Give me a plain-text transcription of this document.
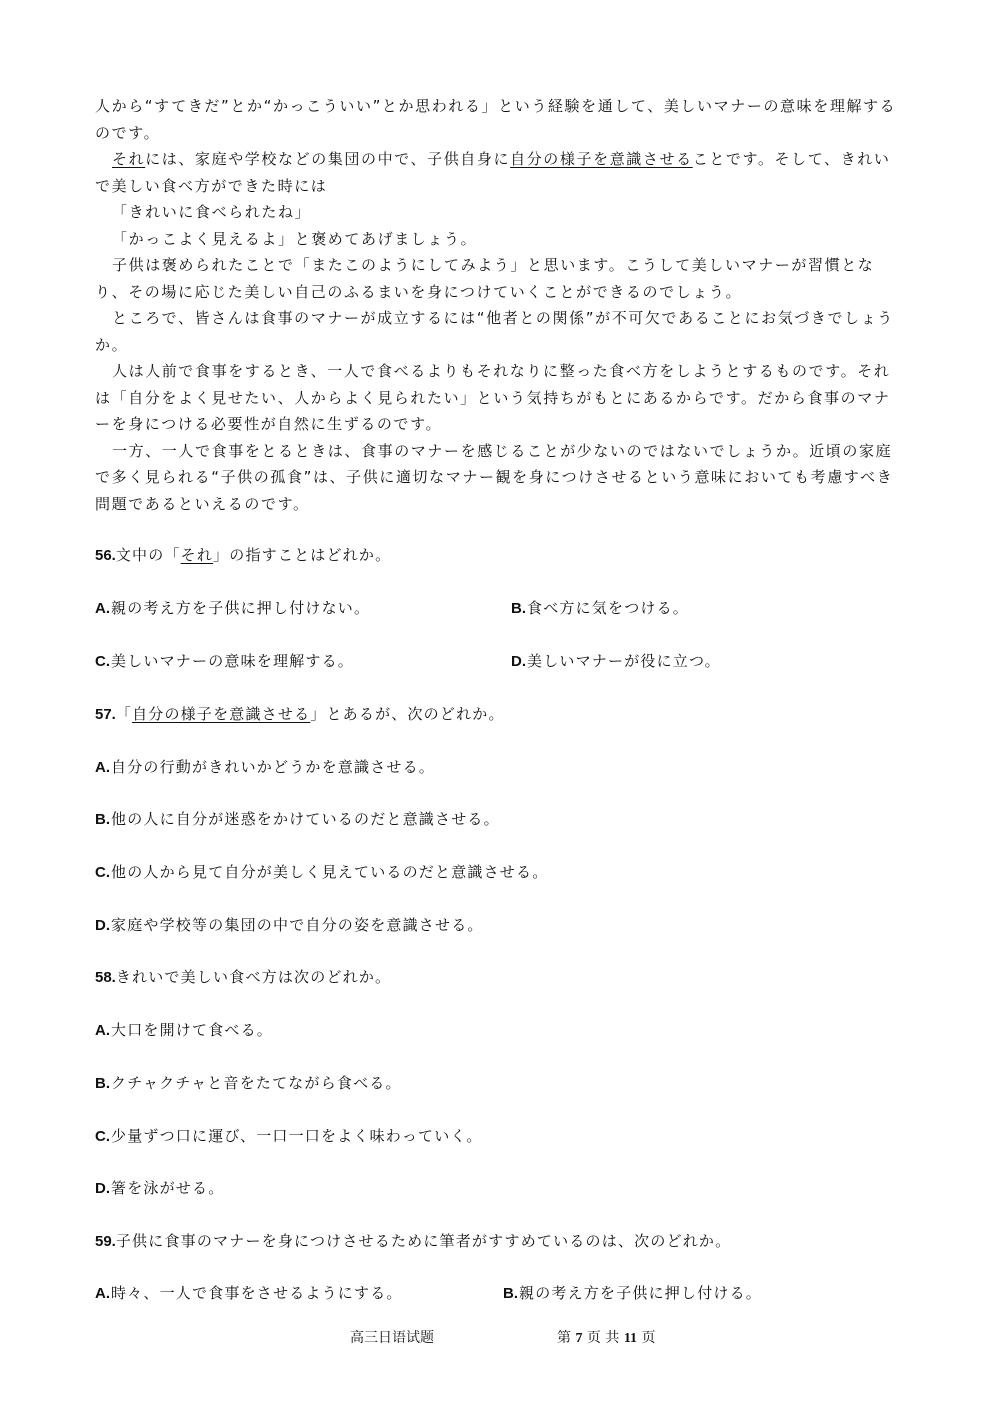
人から“すてきだ”とか“かっこういい”とか思われる」という経験を通して、美しいマナーの意味を理解するのです。

それには、家庭や学校などの集団の中で、子供自身に自分の様子を意識させることです。そして、きれいで美しい食べ方ができた時には

「きれいに食べられたね」

「かっこよく見えるよ」と褒めてあげましょう。

子供は褒められたことで「またこのようにしてみよう」と思います。こうして美しいマナーが習慣となり、その場に応じた美しい自己のふるまいを身につけていくことができるのでしょう。

ところで、皆さんは食事のマナーが成立するには“他者との関係”が不可欠であることにお気づきでしょうか。

人は人前で食事をするとき、一人で食べるよりもそれなりに整った食べ方をしようとするものです。それは「自分をよく見せたい、人からよく見られたい」という気持ちがもとにあるからです。だから食事のマナーを身につける必要性が自然に生ずるのです。

一方、一人で食事をとるときは、食事のマナーを感じることが少ないのではないでしょうか。近頃の家庭で多く見られる“子供の孤食”は、子供に適切なマナー観を身につけさせるという意味においても考慮すべき問題であるといえるのです。

56.文中の「それ」の指すことはどれか。
A.親の考え方を子供に押し付けない。	B.食べ方に気をつける。
C.美しいマナーの意味を理解する。	D.美しいマナーが役に立つ。
57.「自分の様子を意識させる」とあるが、次のどれか。
A.自分の行動がきれいかどうかを意識させる。
B.他の人に自分が迷惑をかけているのだと意識させる。
C.他の人から見て自分が美しく見えているのだと意識させる。
D.家庭や学校等の集団の中で自分の姿を意識させる。
58.きれいで美しい食べ方は次のどれか。
A.大口を開けて食べる。
B.クチャクチャと音をたてながら食べる。
C.少量ずつ口に運び、一口一口をよく味わっていく。
D.箸を泳がせる。
59.子供に食事のマナーを身につけさせるために筆者がすすめているのは、次のどれか。
A.時々、一人で食事をさせるようにする。	B.親の考え方を子供に押し付ける。
高三日语试题	第 7 页 共 11 页
